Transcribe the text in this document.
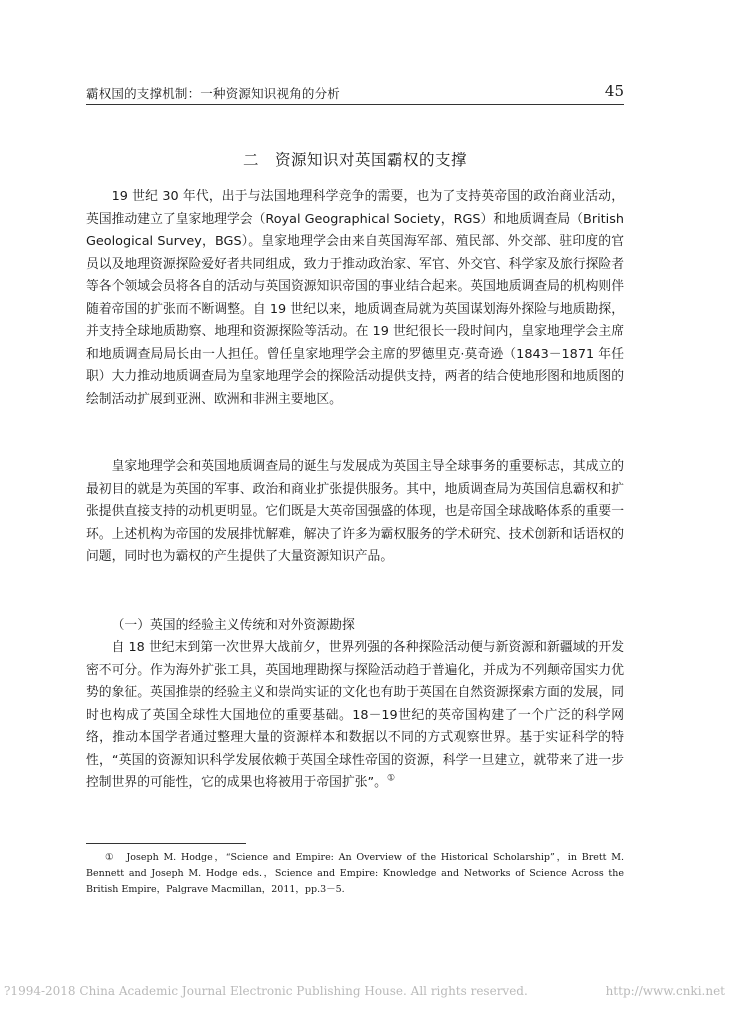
霸权国的支撑机制：一种资源知识视角的分析	45
二　资源知识对英国霸权的支撑

19 世纪 30 年代，出于与法国地理科学竞争的需要，也为了支持英帝国的政治商业活动，英国推动建立了皇家地理学会（Royal Geographical Society，RGS）和地质调查局（British Geological Survey，BGS）。皇家地理学会由来自英国海军部、殖民部、外交部、驻印度的官员以及地理资源探险爱好者共同组成，致力于推动政治家、军官、外交官、科学家及旅行探险者等各个领域会员将各自的活动与英国资源知识帝国的事业结合起来。英国地质调查局的机构则伴随着帝国的扩张而不断调整。自 19 世纪以来，地质调查局就为英国谋划海外探险与地质勘探，并支持全球地质勘察、地理和资源探险等活动。在 19 世纪很长一段时间内，皇家地理学会主席和地质调查局局长由一人担任。曾任皇家地理学会主席的罗德里克·莫奇逊（1843－1871 年任职）大力推动地质调查局为皇家地理学会的探险活动提供支持，两者的结合使地形图和地质图的绘制活动扩展到亚洲、欧洲和非洲主要地区。

皇家地理学会和英国地质调查局的诞生与发展成为英国主导全球事务的重要标志，其成立的最初目的就是为英国的军事、政治和商业扩张提供服务。其中，地质调查局为英国信息霸权和扩张提供直接支持的动机更明显。它们既是大英帝国强盛的体现，也是帝国全球战略体系的重要一环。上述机构为帝国的发展排忧解难，解决了许多为霸权服务的学术研究、技术创新和话语权的问题，同时也为霸权的产生提供了大量资源知识产品。

（一）英国的经验主义传统和对外资源勘探

自 18 世纪末到第一次世界大战前夕，世界列强的各种探险活动便与新资源和新疆域的开发密不可分。作为海外扩张工具，英国地理勘探与探险活动趋于普遍化，并成为不列颠帝国实力优势的象征。英国推崇的经验主义和崇尚实证的文化也有助于英国在自然资源探索方面的发展，同时也构成了英国全球性大国地位的重要基础。18－19世纪的英帝国构建了一个广泛的科学网络，推动本国学者通过整理大量的资源样本和数据以不同的方式观察世界。基于实证科学的特性，“英国的资源知识科学发展依赖于英国全球性帝国的资源，科学一旦建立，就带来了进一步控制世界的可能性，它的成果也将被用于帝国扩张”。①

①　Joseph M. Hodge，“Science and Empire: An Overview of the Historical Scholarship”，in Brett M. Bennett and Joseph M. Hodge eds.，Science and Empire: Knowledge and Networks of Science Across the British Empire，Palgrave Macmillan，2011，pp.3－5.

?1994-2018 China Academic Journal Electronic Publishing House. All rights reserved.	http://www.cnki.net
